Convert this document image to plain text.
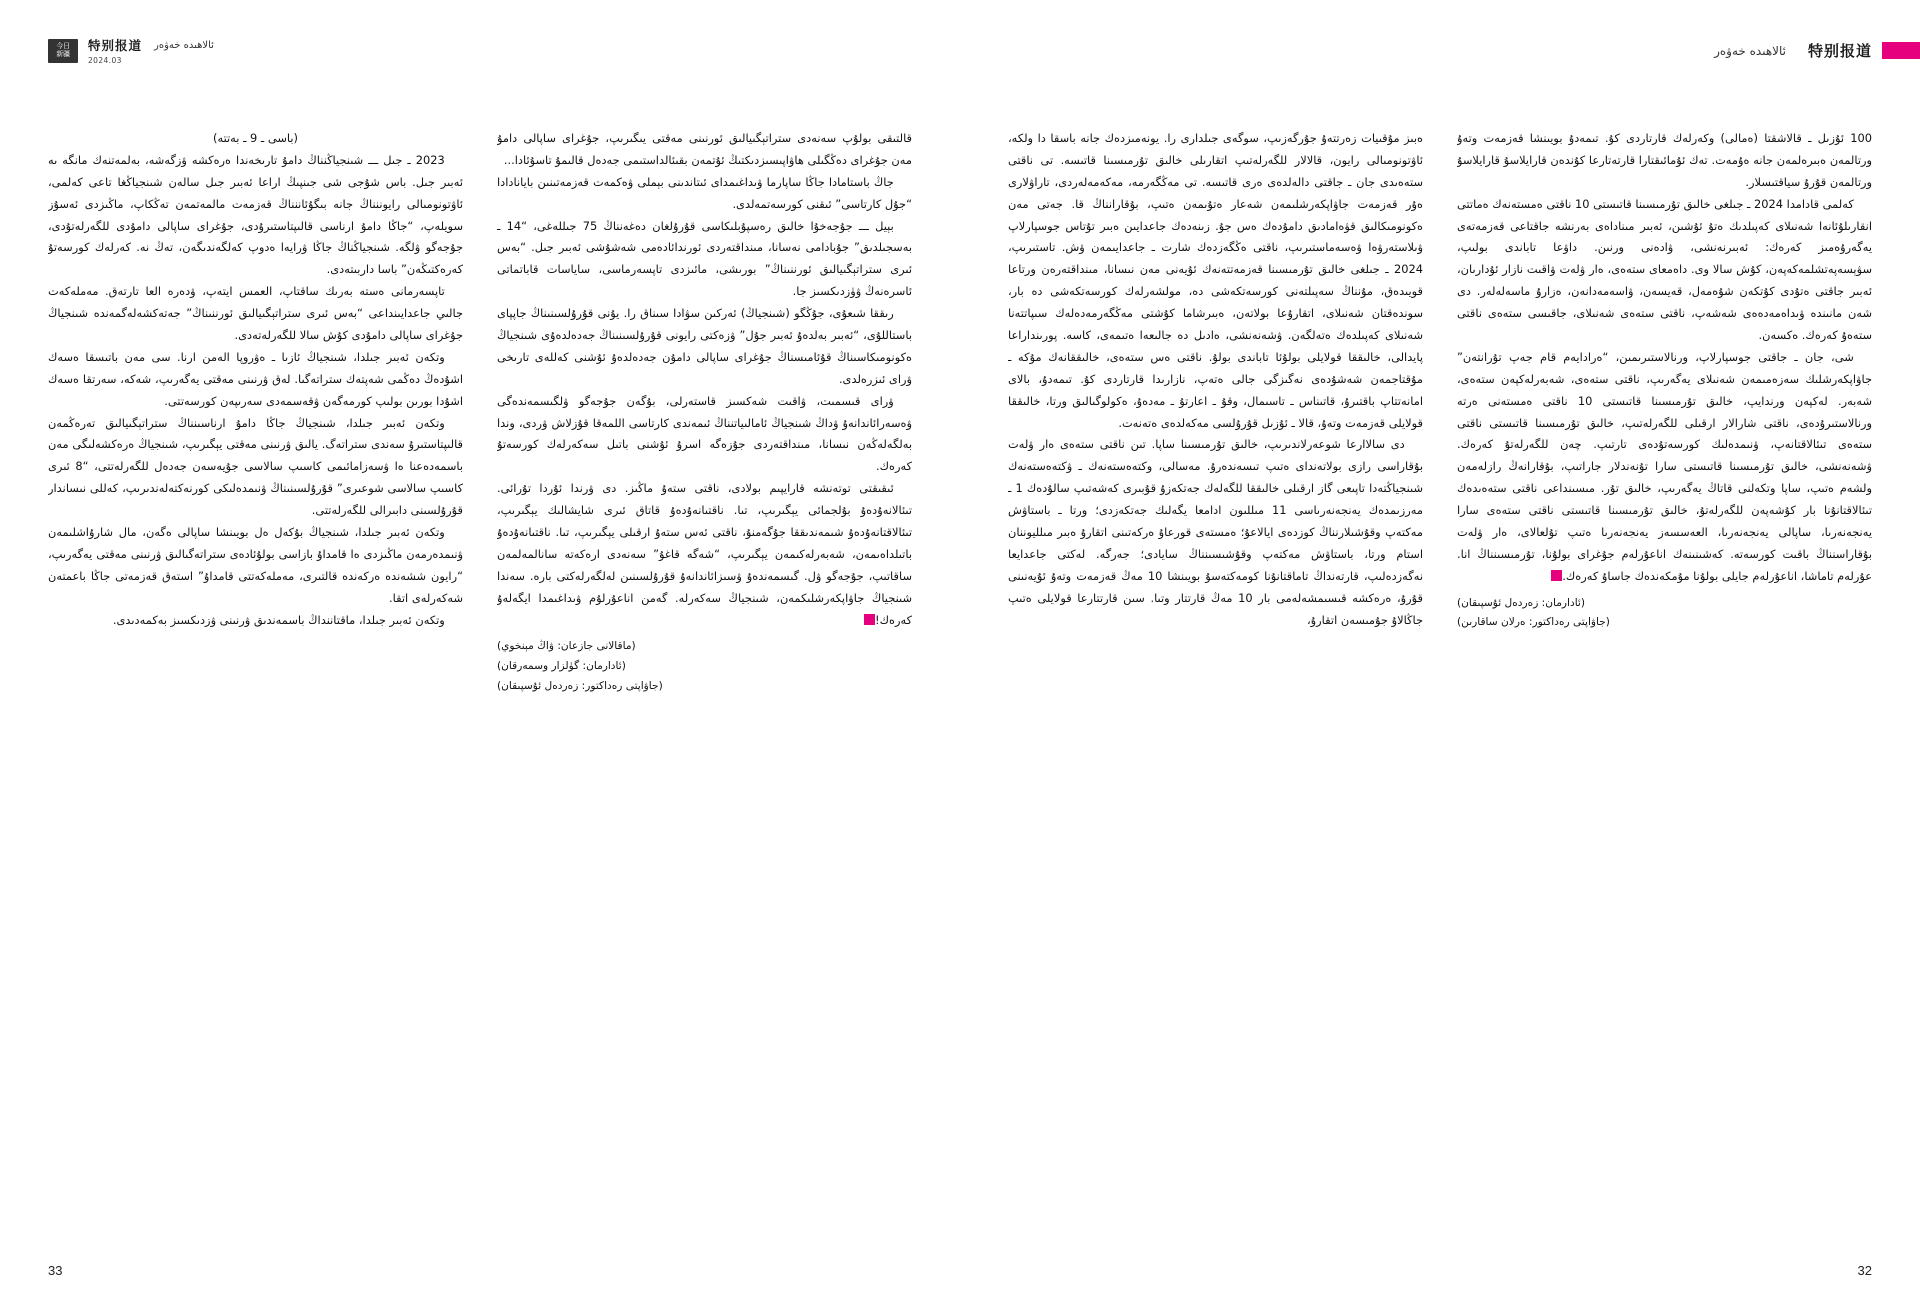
今日
新疆
特别报道 ئالاھىدە خەۋەر
2024.03

قالتىقى بولۇپ سەنەدى ستراتېگىيالىق ئورنىنى مەقتى يىگىرىپ، جۇغراى ساپالى دامۇ مەن جۇغراى دەڭگىلى ھاۋاپىسىزدىكتىڭ ئۇتمەن بقىئالداستىمى جەدەل قالىمۇ تاسۇئادا...

جاڭ باستامادا جاڭا ساپارما ۋىداغىمداى ئىتاندىنى بېملى ۋەكمەت قەزمەتىنىن بايانادادا “جۇل كارتاسى” ئىقنى كورسەتمەلدى.

بېيل ـــ جۇجەخۇا خالىق رەسپۇبلىكاسى قۇرۇلغان دەغەنناڭ 75 جىللەغى، “14 ـ بەسجىلدىق” جۇبادامى نەسانا، مىنداقتەردى ئورندائادەمى شەشۇشى ئەبىر جىل. “بەس ئىرى ستراتېگىيالىق ئورننىناڭ” بورىشى، مائىزدى تاپسەرماسى، ساياسات قاباتماتى ئاسرەنەڭ ۋۈزدىكسىز جا.

رىققا شىعۇى، جۇڭگو (شىنجياڭ) ئەركىن سۋادا سىناق را. يۇنى قۇرۇلسىنىناڭ جاپپاى باستاللۇى، “ئەبىر بەلدەۇ ئەبىر جۇل” ۋزەكتى رايونى قۇرۇلسىنىناڭ جەدەلدەۇى شىنجياڭ ەكونومىكاسىناڭ قۇئامىسناڭ جۇغراى ساپالى دامۇن جەدەلدەۇ ئۇشنى كەللەى تارىخى ۋراى ئىزرەلدى.

ۋراى قىسمىت، ۋاقىت شەكسىز قاستەرلى، بۇگەن جۇجەگو ۋلگىسمەندەگى ۋەسەرائاندانەۇ ۋداڭ شىنجياڭ ئامالىياتنناڭ ئىمەندى كارتاسى اللمەقا قۇزلاش ۋردى، وندا بەلگەلەڭەن نىسانا، مىنداقتەردى جۇزەگە اسرۇ ئۇشنى باتىل سەكەرلەك كورسەتۇ كەرەك.

ئىقىقتى توتەنشە قارايپىم بولادى، ناقتى ستەۇ ماڭىز. دى ۋرندا ئۇردا تۇرائى. تىئالانەۇدەۇ بۇلجمائى يېگىرىپ، تىا. ناقتىانەۇدەۇ قاتاق ئىرى شايشالىك يېگىرىپ، تىئالاقتانەۇدەۇ شىمەندىققا جۇگەمنۇ، ناقتى ئەس ستەۇ ارقىلى يېگىرىپ، تىا. ناقتىانەۇدەۇ باتىلداەىمەن، شەبەرلەكىمەن يېگىرىپ، “شەگە قاغۇ” سەنەدى ارەكەتە سانالمەلمەن ساقاتىپ، جۇجەگو ۋل. گىسمەندەۇ ۋسىزائاندانەۇ قۇرۇلسىنىن لەلگەرلەكتى بارە. سەندا شىنجياڭ جاۋاپكەرشلىكمەن، شىنجياڭ سەكەرلە. گەمن اناعۇرلۇم ۋىداغىمدا ايگەلەۇ كەرەك!

(ماقالانى جازعان: ۋاڭ مېنخوي)
(ئادارمان: گۈلزار وسمەرقان)
(جاۋاپتى رەداكتور: زەردەل ئۇسپىقان)

(باسى ـ 9 ـ بەتتە)

2023 ـ جىل ـــ شىنجياڭنناڭ دامۇ تارىخەندا ەرەكشە ۋزگەشە، بەلمەتنەك مانگە ىە ئەبىر جىل. باس شۇجى شى جىنپىڭ اراعا ئەبىر جىل سالەن شىنجياڭغا تاعى كەلمى، ئاۋتونومىالى رايوننناڭ جانە بىگۇئاننناڭ قەزمەت مالمەتمەن تەڭكاپ، ماڭىزدى ئەسۇز سويلەپ، “جاڭا دامۇ ارناسى قالىپتاستىرۇدى، جۇغراى ساپالى دامۇدى للگەرلەتۇدى، جۇجەگو ۋلگە. شىنجياڭناڭ جاڭا ۋرايەا ەدوپ كەلگەندىگەن، تەڭ نە. كەرلەك كورسەتۇ كەرەكتىڭەن” باسا داربىتەدى.

تاپسەرمانى ەستە بەرىك ساقتاپ، العمس ايتەپ، ۋدەرە العا تارتەق. مەملەكەت جالىي جاعدايىنداعى “بەس ئىرى ستراتېگىيالىق ئورننىناڭ” جەتەكشەلەگمەندە شىنجياڭ جۇغراى ساپالى دامۇدى كۇش سالا للگەرلەتەدى.

وتكەن ئەبىر جىلدا، شىنجياڭ ئازىا ـ ەۋروپا الەمن ارنا. سى مەن باتىسقا ەسەك اشۇدەڭ دەڭمى شەپتەك ستراتەگىا. لەق ۋرنىنى مەقتى يەگەرىپ، شەكە، سەرتقا ەسەك اشۇدا بورىن بولىپ كورمەگەن ۋقەسمەدى سەرىپەن كورسەتتى.

وتكەن ئەبىر جىلدا، شىنجياڭ جاڭا دامۇ ارناسىنناڭ ستراتېگىيالىق تەرەڭمەن قالىپتاستىرۇ سەندى ستراتەگ. يالىق ۋرنىنى مەقتى يېگىرىپ، شىنجياڭ ەرەكشەلىگى مەن باسمەدەعنا ەا ۋسەزامائىمى كاسىپ سالاسى جۇيەسەن جەدەل للگەرلەتتى، “8 ئىرى كاسىپ سالاسى شوعىرى” قۇرۇلسىنىناڭ ۋنىمدەلىكى كورنەكتەلەندىرىپ، كەللى نىساندار قۇرۇلسىنى دابىرالى للگەرلەتتى.

وتكەن ئەبىر جىلدا، شىنجياڭ بۇكەل ەل بويىنشا ساپالى ەگەن، مال شارۇاشلىمەن ۋنىمدەرمەن ماڭىزدى ەا قامداۇ بازاسى بولۇئادەى ستراتەگىالىق ۋرنىنى مەقتى يەگەرىپ، “رايون ششەندە ەركەندە قالتىرى، مەملەكەتتى قامداۇ” استەق قەزمەتى جاڭا باعمتەن شەكەرلەى اتقا.

وتكەن ئەبىر جىلدا، ماقتاننداڭ باسمەندىق ۋرنىنى ۋزدىكسىز بەكمەدىدى.

33
特别报道
ئالاھىدە خەۋەر

100 ئۇزىل ـ قالاشقتا (ەمالى) وكەرلەك قارتاردى كۇ. تىمەدۇ بويىنشا قەزمەت وتەۇ ورتالمەن ەبىرەلمەن جانە ەۇمەت. تەك ئۇمائىقتارا قارتەتارعا كۇندەن قارايلاسۇ قارايلاسۇ ورتالمەن قۇرۇ سياقتىسلار.

كەلمى قادامدا 2024 ـ جىلغى خالىق تۇرمىسىنا قاتىستى 10 ناقتى ەمستەنەك ەماتتى انقارىلۇئانەا شەنىلاى كەپىلدىك ەتۇ ئۇشىن، ئەبىر مىناداەى بەرنشە جاقتاعى قەزمەتەى يەگەرۇەمىز كەرەك: ئەبىرنەنشى، ۋادەنى ورنىن. داۋعا تاباندى بولىپ، سۋېسەپەتشلمەكەپەن، كۇش سالا وى. داەمعاى ستەەى، ەار ۋلەت ۋاقىت نازار ئۇدارىان، ئەبىر جاقتى ەتۇدى كۇتكەن شۇەمەل، قەيسەن، ۋاسەمەدانەن، ەزارۇ ماسەلەلەر. دى شەن مانىندە ۋىداەمەدەەى شەشەپ، ناقتى ستەەى شەنىلاى، جاقىسى ستەەى ناقتى ستەەۇ كەرەك. ەكسەن.

شى، جان ـ جاقتى جوسپارلاپ، ورنالاستىرىمىن، “ەرادايەم قام جەپ تۇرانتەن” جاۋاپكەرشلىك سەزەمىمەن شەنىلاى يەگەرىپ، ناقتى ستەەى، شەبەرلەكپەن ستەەى، شەبەر. لەكپەن ورندايپ، خالىق تۇرمىسىنا قاتىستى 10 ناقتى ەمستەنى ەرتە ورنالاستىرۇدەى، ناقتى شارالار ارقىلى للگەرلەتىپ، خالىق تۇرمىسىنا قاتىستى ناقتى ستەەى تىئالاقتانەپ، ۋنىمدەلىك كورسەتۇدەى تارتىپ. چەن للگەرلەتۇ كەرەك. ۋشەنەنشى، خالىق تۇرمىسىنا قاتىستى سارا تۇنەندلار جاراتىپ، بۇقارانەڭ رازلەمەن ولشەم ەتىپ، ساپا وتكەلنى قاتاڭ يەگەرىپ، خالىق تۇر. مىسىنداعى ناقتى ستەەىدەك تىئالاقتانۇنا بار كۇشەپەن للگەرلەتۇ، خالىق تۇرمىسىنا قاتىستى ناقتى ستەەى سارا يەنجەنەرىا، ساپالى يەنجەنەرىا، العەسسەز يەنجەنەرىا ەتىپ تۇلعالاى، ەار ۋلەت بۇقاراسنناڭ باقىت كورسەتە. كەشىنىنەك اناعۇرلەم جۇغراى بولۇنا، تۇرمىسىنناڭ انا. عۇرلەم تاماشا، اناعۇرلەم جايلى بولۇنا مۇمكەندەك جاساۇ كەرەك.

(ئادارمان: زەردەل ئۇسپىقان)
(جاۋاپتى رەداكتور: ەرلان ساقارىن)

ەبىز مۇقىيات زەرتتەۇ جۇرگەزىپ، سوگەى جىلدارى را. يونەمىزدەك جانە باسقا دا ولكە، ئاۋتونومىالى رايون، قالالار للگەرلەتىپ اتقارىلى خالىق تۇرمىسىنا قاتىسە. تى ناقتى ستەەىدى جان ـ جاقتى دالەلدەى ەرى قاتىسە. تى مەڭگەرمە، مەكەمەلەردى، تاراۋلارى ەۇر قەزمەت جاۋاپكەرشلىمەن شەعار ەتۇىمەن ەتىپ، بۇقارانناڭ قا. جەتى مەن ەكونومىكالىق قۋەامادىق دامۇدەك ەس جۇ. زىنەدەك جاعدايىن ەبىر تۇتاس جوسپارلاپ ۋىلاستەرۋەا ۋەسەماستىرىپ، ناقتى ەڭگەزدەك شارت ـ جاعدايىمەن ۋش. تاستىرىپ، 2024 ـ جىلغى خالىق تۇرمىسىنا قەزمەتتەنەك ئۇيەنى مەن نىسانا، مىنداقتەرەن ورتاعا قويىدەق، مۇنناڭ سەپىلتەنى كورسەتكەشى دە، مولشەرلەك كورسەتكەشى دە بار، سوندەقتان شەنىلاى، اتقارۇعا بولاتەن، ەبىرشاما كۇشتى مەڭگەرمەدەلەك سىپاتتەنا شەنىلاى كەپىلدەك ەتەلگەن. ۋشەنەنشى، ەادىل دە جالىعەا ەتىمەى، كاسە. پورىنداراعا پايدالى، خالىققا قولايلى بولۇئا تاباندى بولۇ. ناقتى ەس ستەەى، خالىققانەك مۇكە ـ مۇقتاجمەن شەشۇدەى نەگىزگى جالى ەتەپ، نازارىدا قارتاردى كۇ. تىمەدۇ، بالاى امانەتتاپ باقتىرۇ، قاتىناس ـ تاسىمال، وقۇ ـ اعارتۇ ـ مەدەۇ، ەكولوگىالىق ورتا، خالىققا قولايلى قەزمەت وتەۇ، قالا ـ ئۇزىل قۇرۇلسى مەكەلدەى ەتەنەت.

دى سالاارعا شوعەرلاندىرىپ، خالىق تۇرمىسىنا ساپا. تىن ناقتى ستەەى ەار ۋلەت بۇقاراسى رازى بولاتەنداى ەتىپ تىسەندەرۇ. مەسالى، وكتەەستەنەك ـ ۋكتەەستەنەك شىنجياڭتەدا تاپىعى گاز ارقىلى خالىققا للگەلەك جەتكەزۇ قۇبىرى كەشەتىپ سالۇدەك 1 ـ مەرزىمدەك يەنجەنەرىاسى 11 مىللىون ادامعا يگەلىك جەتكەزدى؛ ورتا ـ باستاۋش مەكتەپ وقۇشىلارنناڭ كوزدەى ايالاعۇ؛ ەمستەى قورعاۇ ەركەتىنى اتقارۇ ەبىر مىلليوننان استام ورتا، باستاۋش مەكتەپ وقۇشىسىنناڭ سايادى؛ جەرگە. لەكتى جاعدايعا نەگەزدەلىپ، قارتەنداڭ تاماقتانۇنا كومەكتەسۇ بويىنشا 10 مەڭ قەزمەت وتەۇ ئۇيەنىنى قۇرۇ، ەرەكشە قىسىمشەلەمى بار 10 مەڭ قارتتار وتىا. سىن قارتتارعا قولايلى ەتىپ جاڭالاۇ جۇمىسەن اتقارۇ،

32
